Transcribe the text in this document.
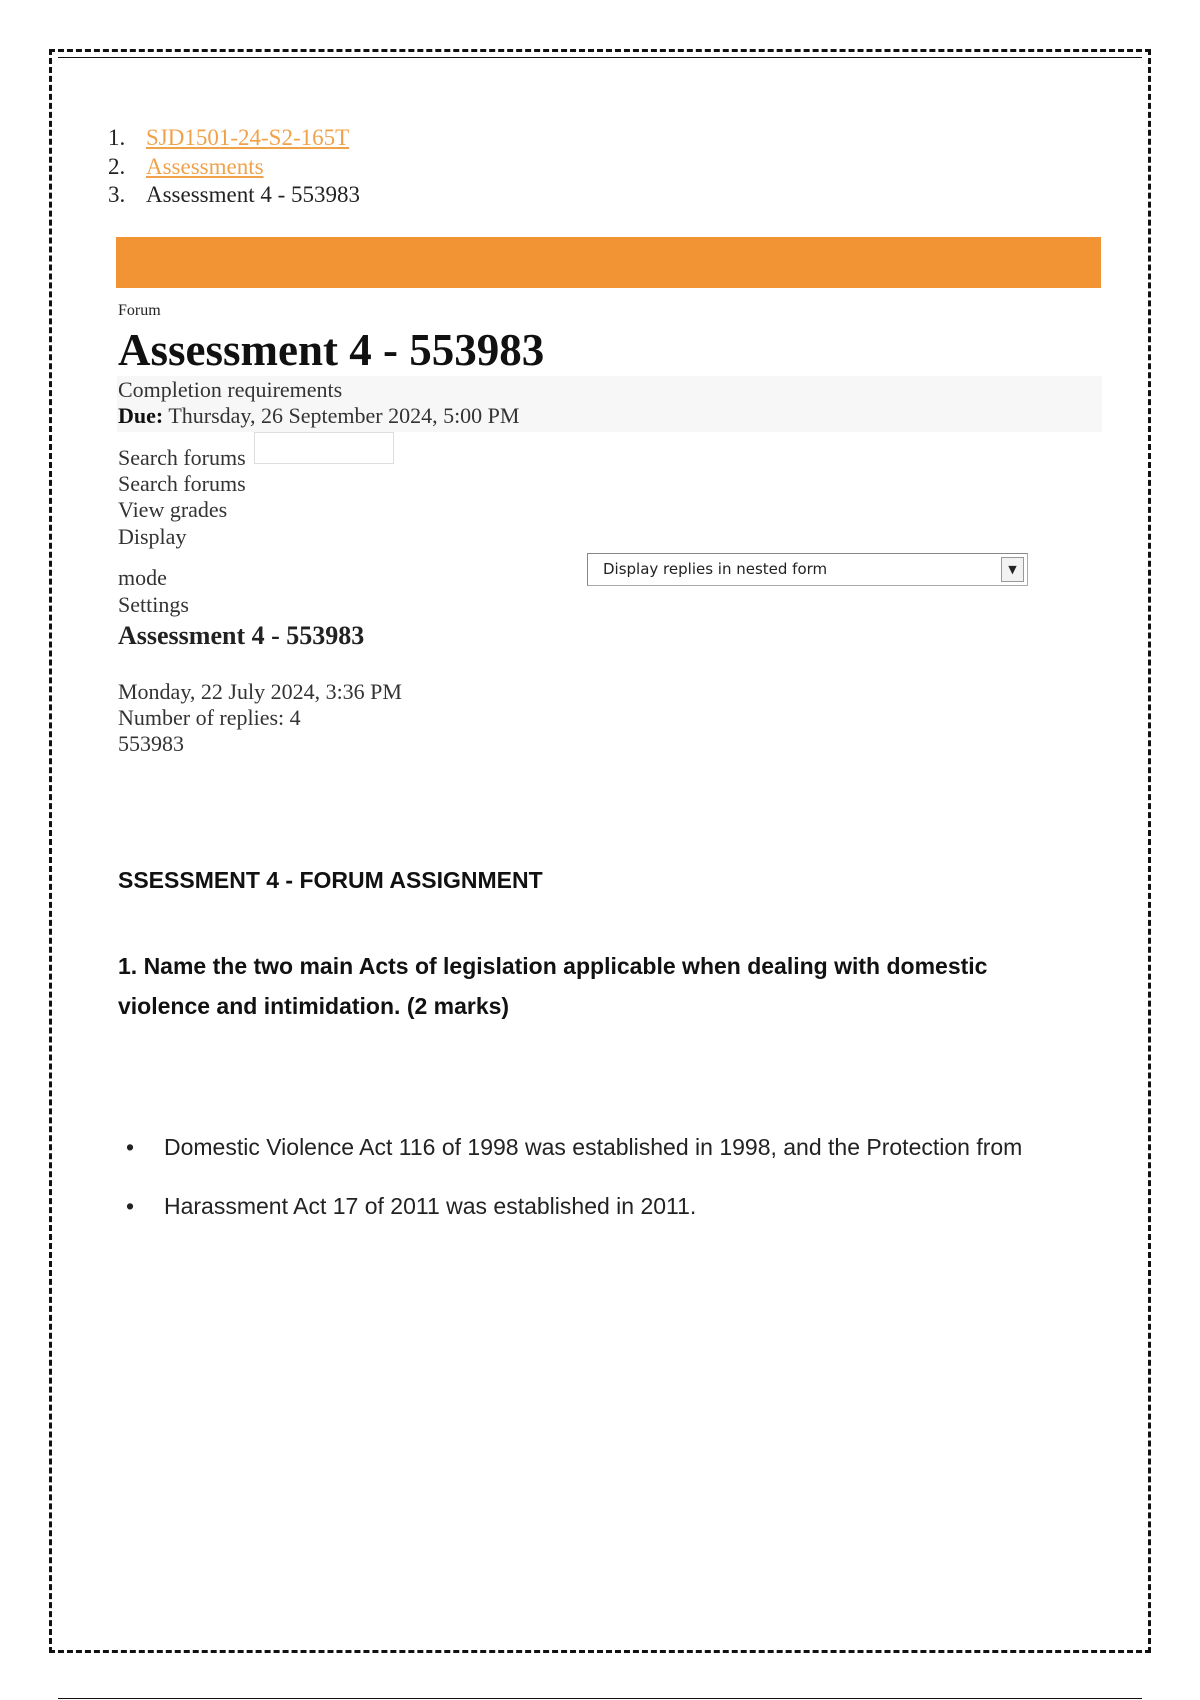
1. SJD1501-24-S2-165T
2. Assessments
3. Assessment 4 - 553983
Forum
Assessment 4 - 553983
Completion requirements
Due: Thursday, 26 September 2024, 5:00 PM
Search forums
Search forums
View grades
Display
mode	Display replies in nested form	▼
Settings
Assessment 4 - 553983
Monday, 22 July 2024, 3:36 PM
Number of replies: 4
553983
SSESSMENT 4 - FORUM ASSIGNMENT
1. Name the two main Acts of legislation applicable when dealing with domestic violence and intimidation. (2 marks)
• Domestic Violence Act 116 of 1998 was established in 1998, and the Protection from
• Harassment Act 17 of 2011 was established in 2011.
